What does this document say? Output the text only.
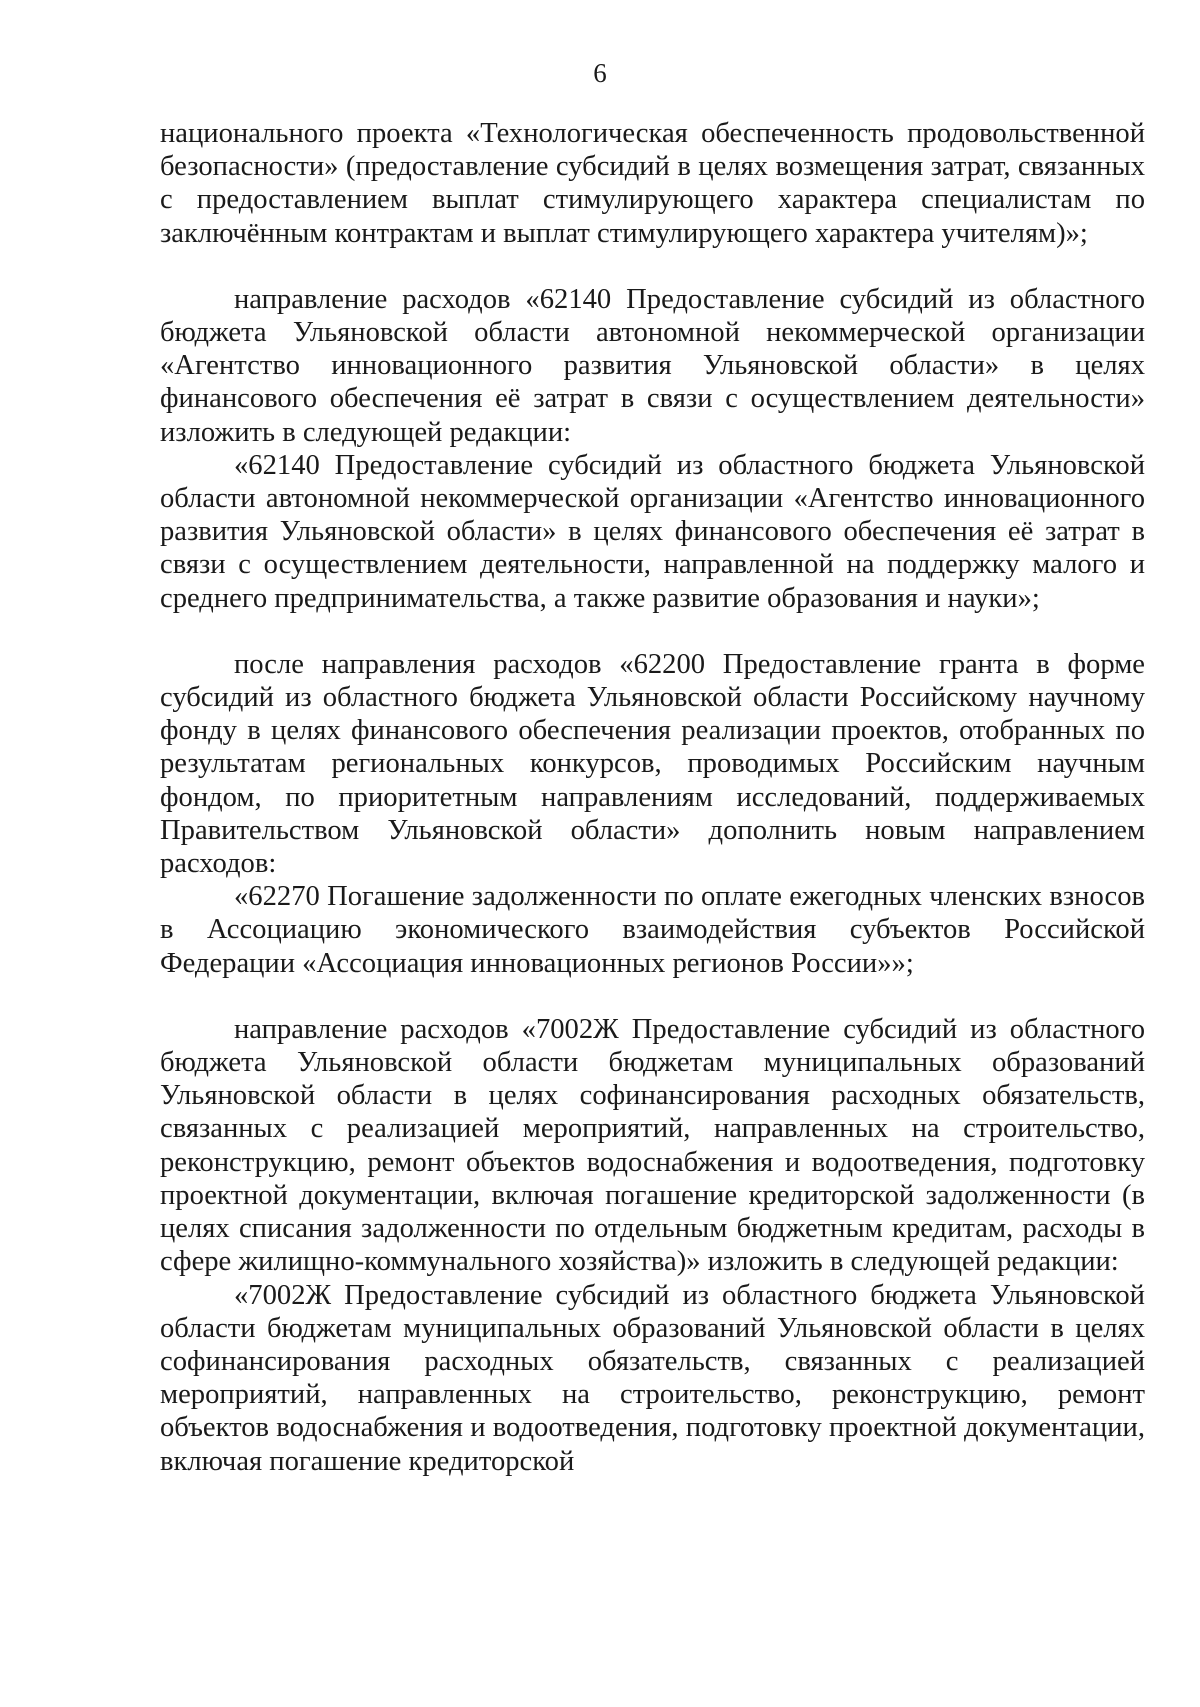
6

национального проекта «Технологическая обеспеченность продовольственной безопасности» (предоставление субсидий в целях возмещения затрат, связанных с предоставлением выплат стимулирующего характера специалистам по заключённым контрактам и выплат стимулирующего характера учителям)»;

направление расходов «62140 Предоставление субсидий из областного бюджета Ульяновской области автономной некоммерческой организации «Агентство инновационного развития Ульяновской области» в целях финансового обеспечения её затрат в связи с осуществлением деятельности» изложить в следующей редакции:

«62140 Предоставление субсидий из областного бюджета Ульяновской области автономной некоммерческой организации «Агентство инновационного развития Ульяновской области» в целях финансового обеспечения её затрат в связи с осуществлением деятельности, направленной на поддержку малого и среднего предпринимательства, а также развитие образования и науки»;

после направления расходов «62200 Предоставление гранта в форме субсидий из областного бюджета Ульяновской области Российскому научному фонду в целях финансового обеспечения реализации проектов, отобранных по результатам региональных конкурсов, проводимых Российским научным фондом, по приоритетным направлениям исследований, поддерживаемых Правительством Ульяновской области» дополнить новым направлением расходов:

«62270 Погашение задолженности по оплате ежегодных членских взносов в Ассоциацию экономического взаимодействия субъектов Российской Федерации «Ассоциация инновационных регионов России»»;

направление расходов «7002Ж Предоставление субсидий из областного бюджета Ульяновской области бюджетам муниципальных образований Ульяновской области в целях софинансирования расходных обязательств, связанных с реализацией мероприятий, направленных на строительство, реконструкцию, ремонт объектов водоснабжения и водоотведения, подготовку проектной документации, включая погашение кредиторской задолженности (в целях списания задолженности по отдельным бюджетным кредитам, расходы в сфере жилищно-коммунального хозяйства)» изложить в следующей редакции:

«7002Ж Предоставление субсидий из областного бюджета Ульяновской области бюджетам муниципальных образований Ульяновской области в целях софинансирования расходных обязательств, связанных с реализацией мероприятий, направленных на строительство, реконструкцию, ремонт объектов водоснабжения и водоотведения, подготовку проектной документации, включая погашение кредиторской
